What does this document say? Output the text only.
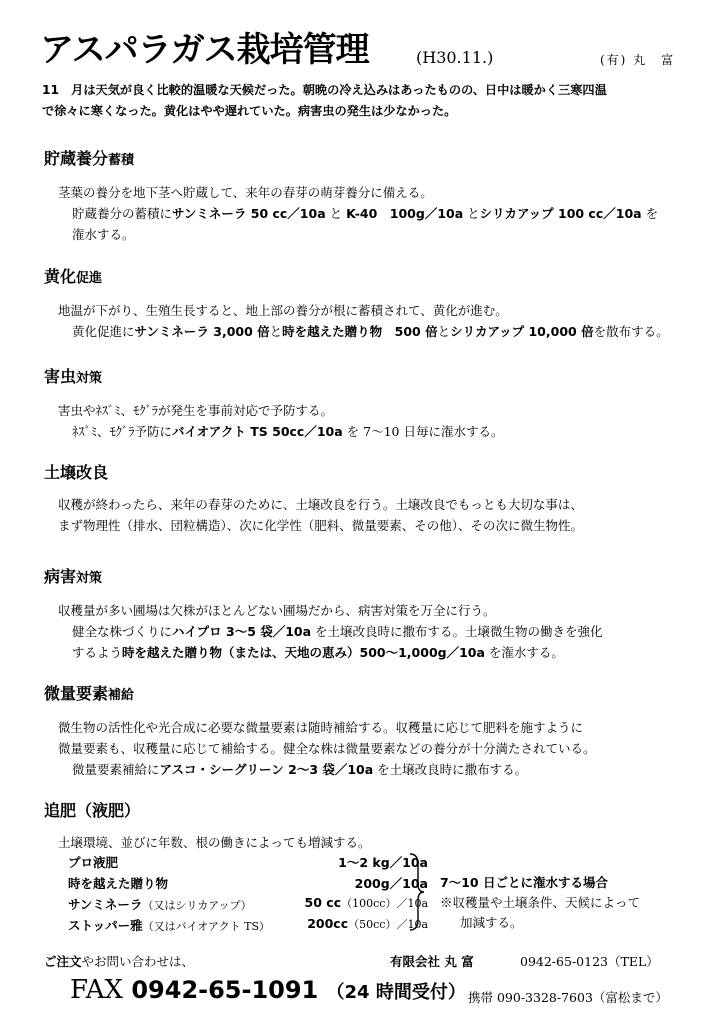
アスパラガス栽培管理	(H30.11.)	(有) 丸　富
11　月は天気が良く比較的温暖な天候だった。朝晩の冷え込みはあったものの、日中は暖かく三寒四温
で徐々に寒くなった。黄化はやや遅れていた。病害虫の発生は少なかった。
貯蔵養分蓄積
茎葉の養分を地下茎へ貯蔵して、来年の春芽の萌芽養分に備える。
貯蔵養分の蓄積にサンミネーラ 50 cc／10a と K-40　100g／10a とシリカアップ 100 cc／10a を
潅水する。
黄化促進
地温が下がり、生殖生長すると、地上部の養分が根に蓄積されて、黄化が進む。
黄化促進にサンミネーラ 3,000 倍と時を越えた贈り物　500 倍とシリカアップ 10,000 倍を散布する。
害虫対策
害虫やﾈｽﾞﾐ、ﾓｸﾞﾗが発生を事前対応で予防する。
ﾈｽﾞﾐ、ﾓｸﾞﾗ予防にバイオアクト TS 50cc／10a を 7～10 日毎に潅水する。
土壌改良
収穫が終わったら、来年の春芽のために、土壌改良を行う。土壌改良でもっとも大切な事は、
まず物理性（排水、団粒構造）、次に化学性（肥料、微量要素、その他）、その次に微生物性。
病害対策
収穫量が多い圃場は欠株がほとんどない圃場だから、病害対策を万全に行う。
健全な株づくりにハイプロ 3～5 袋／10a を土壌改良時に撒布する。土壌微生物の働きを強化
するよう時を越えた贈り物（または、天地の恵み）500～1,000g／10a を潅水する。
微量要素補給
微生物の活性化や光合成に必要な微量要素は随時補給する。収穫量に応じて肥料を施すように
微量要素も、収穫量に応じて補給する。健全な株は微量要素などの養分が十分満たされている。
微量要素補給にアスコ・シーグリーン 2～3 袋／10a を土壌改良時に撒布する。
追肥（液肥）
土壌環境、並びに年数、根の働きによっても増減する。
プロ液肥	1～2 kg／10a
時を越えた贈り物	200g／10a
サンミネーラ（又はシリカアップ）	50 cc（100cc）／10a
ストッパー雅（又はバイオアクト TS）	200cc（50cc）／10a
7～10 日ごとに潅水する場合
※収穫量や土壌条件、天候によって
加減する。
ご注文やお問い合わせは、
FAX 0942-65-1091 （24 時間受付）
有限会社 丸 富	0942‐65‐0123（TEL）
携帯 090-3328-7603（富松まで）
